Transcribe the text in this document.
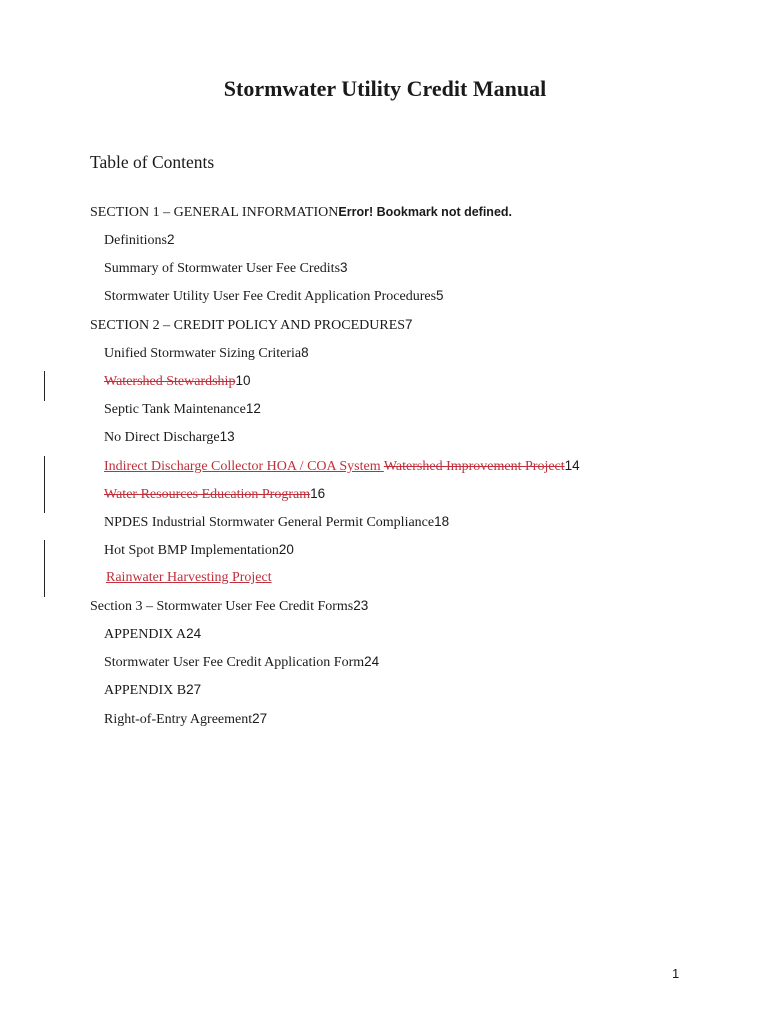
Stormwater Utility Credit Manual
Table of Contents
SECTION 1 – GENERAL INFORMATIONError! Bookmark not defined.
Definitions2
Summary of Stormwater User Fee Credits3
Stormwater Utility User Fee Credit Application Procedures5
SECTION 2 – CREDIT POLICY AND PROCEDURES7
Unified Stormwater Sizing Criteria8
Watershed Stewardship10
Septic Tank Maintenance12
No Direct Discharge13
Indirect Discharge Collector HOA / COA System Watershed Improvement Project14
Water Resources Education Program16
NPDES Industrial Stormwater General Permit Compliance18
Hot Spot BMP Implementation20
Rainwater Harvesting Project
Section 3 – Stormwater User Fee Credit Forms23
APPENDIX A24
Stormwater User Fee Credit Application Form24
APPENDIX B27
Right-of-Entry Agreement27
1
